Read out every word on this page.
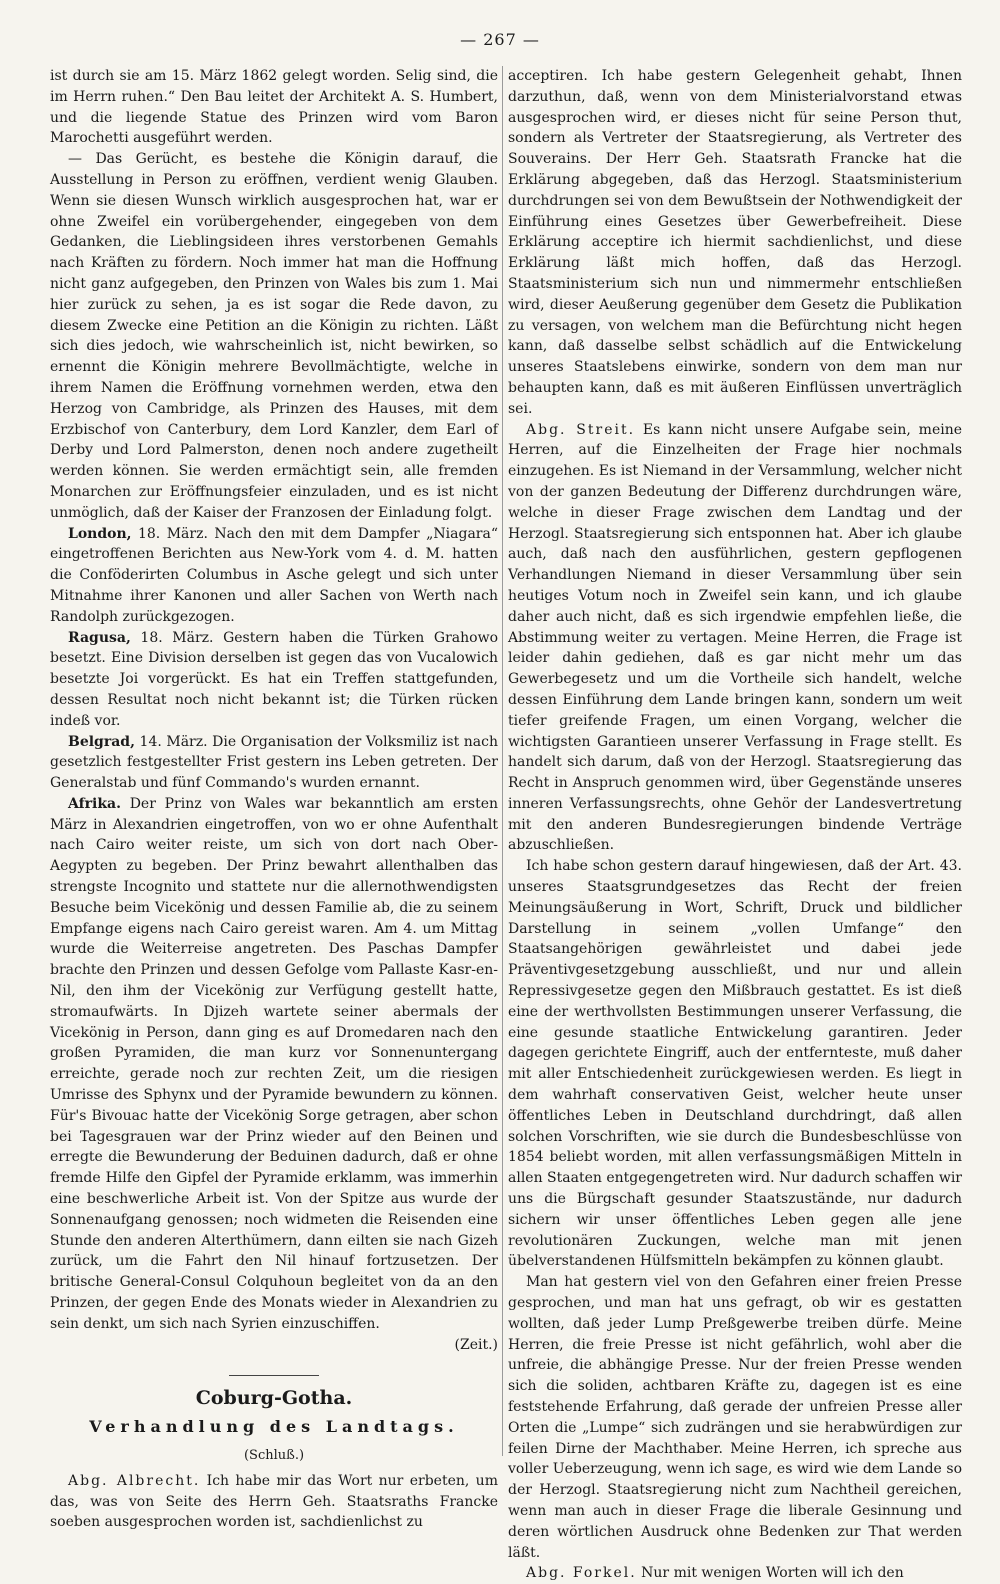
— 267 —

ist durch sie am 15. März 1862 gelegt worden. Selig sind, die im Herrn ruhen.“ Den Bau leitet der Architekt A. S. Humbert, und die liegende Statue des Prinzen wird vom Baron Marochetti ausgeführt werden.

— Das Gerücht, es bestehe die Königin darauf, die Ausstellung in Person zu eröffnen, verdient wenig Glauben. Wenn sie diesen Wunsch wirklich ausgesprochen hat, war er ohne Zweifel ein vorübergehender, eingegeben von dem Gedanken, die Lieblingsideen ihres verstorbenen Gemahls nach Kräften zu fördern. Noch immer hat man die Hoffnung nicht ganz aufgegeben, den Prinzen von Wales bis zum 1. Mai hier zurück zu sehen, ja es ist sogar die Rede davon, zu diesem Zwecke eine Petition an die Königin zu richten. Läßt sich dies jedoch, wie wahrscheinlich ist, nicht bewirken, so ernennt die Königin mehrere Bevollmächtigte, welche in ihrem Namen die Eröffnung vornehmen werden, etwa den Herzog von Cambridge, als Prinzen des Hauses, mit dem Erzbischof von Canterbury, dem Lord Kanzler, dem Earl of Derby und Lord Palmerston, denen noch andere zugetheilt werden können. Sie werden ermächtigt sein, alle fremden Monarchen zur Eröffnungsfeier einzuladen, und es ist nicht unmöglich, daß der Kaiser der Franzosen der Einladung folgt.

London, 18. März. Nach den mit dem Dampfer „Niagara“ eingetroffenen Berichten aus New-York vom 4. d. M. hatten die Conföderirten Columbus in Asche gelegt und sich unter Mitnahme ihrer Kanonen und aller Sachen von Werth nach Randolph zurückgezogen.

Ragusa, 18. März. Gestern haben die Türken Grahowo besetzt. Eine Division derselben ist gegen das von Vucalowich besetzte Joi vorgerückt. Es hat ein Treffen stattgefunden, dessen Resultat noch nicht bekannt ist; die Türken rücken indeß vor.

Belgrad, 14. März. Die Organisation der Volksmiliz ist nach gesetzlich festgestellter Frist gestern ins Leben getreten. Der Generalstab und fünf Commando's wurden ernannt.

Afrika. Der Prinz von Wales war bekanntlich am ersten März in Alexandrien eingetroffen, von wo er ohne Aufenthalt nach Cairo weiter reiste, um sich von dort nach Ober-Aegypten zu begeben. Der Prinz bewahrt allenthalben das strengste Incognito und stattete nur die allernothwendigsten Besuche beim Vicekönig und dessen Familie ab, die zu seinem Empfange eigens nach Cairo gereist waren. Am 4. um Mittag wurde die Weiterreise angetreten. Des Paschas Dampfer brachte den Prinzen und dessen Gefolge vom Pallaste Kasr-en-Nil, den ihm der Vicekönig zur Verfügung gestellt hatte, stromaufwärts. In Djizeh wartete seiner abermals der Vicekönig in Person, dann ging es auf Dromedaren nach den großen Pyramiden, die man kurz vor Sonnenuntergang erreichte, gerade noch zur rechten Zeit, um die riesigen Umrisse des Sphynx und der Pyramide bewundern zu können. Für's Bivouac hatte der Vicekönig Sorge getragen, aber schon bei Tagesgrauen war der Prinz wieder auf den Beinen und erregte die Bewunderung der Beduinen dadurch, daß er ohne fremde Hilfe den Gipfel der Pyramide erklamm, was immerhin eine beschwerliche Arbeit ist. Von der Spitze aus wurde der Sonnenaufgang genossen; noch widmeten die Reisenden eine Stunde den anderen Alterthümern, dann eilten sie nach Gizeh zurück, um die Fahrt den Nil hinauf fortzusetzen. Der britische General-Consul Colquhoun begleitet von da an den Prinzen, der gegen Ende des Monats wieder in Alexandrien zu sein denkt, um sich nach Syrien einzuschiffen.

(Zeit.)

Coburg-Gotha.
Verhandlung des Landtags.
(Schluß.)

Abg. Albrecht. Ich habe mir das Wort nur erbeten, um das, was von Seite des Herrn Geh. Staatsraths Francke soeben ausgesprochen worden ist, sachdienlichst zu

acceptiren. Ich habe gestern Gelegenheit gehabt, Ihnen darzuthun, daß, wenn von dem Ministerialvorstand etwas ausgesprochen wird, er dieses nicht für seine Person thut, sondern als Vertreter der Staatsregierung, als Vertreter des Souverains. Der Herr Geh. Staatsrath Francke hat die Erklärung abgegeben, daß das Herzogl. Staatsministerium durchdrungen sei von dem Bewußtsein der Nothwendigkeit der Einführung eines Gesetzes über Gewerbefreiheit. Diese Erklärung acceptire ich hiermit sachdienlichst, und diese Erklärung läßt mich hoffen, daß das Herzogl. Staatsministerium sich nun und nimmermehr entschließen wird, dieser Aeußerung gegenüber dem Gesetz die Publikation zu versagen, von welchem man die Befürchtung nicht hegen kann, daß dasselbe selbst schädlich auf die Entwickelung unseres Staatslebens einwirke, sondern von dem man nur behaupten kann, daß es mit äußeren Einflüssen unverträglich sei.

Abg. Streit. Es kann nicht unsere Aufgabe sein, meine Herren, auf die Einzelheiten der Frage hier nochmals einzugehen. Es ist Niemand in der Versammlung, welcher nicht von der ganzen Bedeutung der Differenz durchdrungen wäre, welche in dieser Frage zwischen dem Landtag und der Herzogl. Staatsregierung sich entsponnen hat. Aber ich glaube auch, daß nach den ausführlichen, gestern gepflogenen Verhandlungen Niemand in dieser Versammlung über sein heutiges Votum noch in Zweifel sein kann, und ich glaube daher auch nicht, daß es sich irgendwie empfehlen ließe, die Abstimmung weiter zu vertagen. Meine Herren, die Frage ist leider dahin gediehen, daß es gar nicht mehr um das Gewerbegesetz und um die Vortheile sich handelt, welche dessen Einführung dem Lande bringen kann, sondern um weit tiefer greifende Fragen, um einen Vorgang, welcher die wichtigsten Garantieen unserer Verfassung in Frage stellt. Es handelt sich darum, daß von der Herzogl. Staatsregierung das Recht in Anspruch genommen wird, über Gegenstände unseres inneren Verfassungsrechts, ohne Gehör der Landesvertretung mit den anderen Bundesregierungen bindende Verträge abzuschließen.

Ich habe schon gestern darauf hingewiesen, daß der Art. 43. unseres Staatsgrundgesetzes das Recht der freien Meinungsäußerung in Wort, Schrift, Druck und bildlicher Darstellung in seinem „vollen Umfange“ den Staatsangehörigen gewährleistet und dabei jede Präventivgesetzgebung ausschließt, und nur und allein Repressivgesetze gegen den Mißbrauch gestattet. Es ist dieß eine der werthvollsten Bestimmungen unserer Verfassung, die eine gesunde staatliche Entwickelung garantiren. Jeder dagegen gerichtete Eingriff, auch der entfernteste, muß daher mit aller Entschiedenheit zurückgewiesen werden. Es liegt in dem wahrhaft conservativen Geist, welcher heute unser öffentliches Leben in Deutschland durchdringt, daß allen solchen Vorschriften, wie sie durch die Bundesbeschlüsse von 1854 beliebt worden, mit allen verfassungsmäßigen Mitteln in allen Staaten entgegengetreten wird. Nur dadurch schaffen wir uns die Bürgschaft gesunder Staatszustände, nur dadurch sichern wir unser öffentliches Leben gegen alle jene revolutionären Zuckungen, welche man mit jenen übelverstandenen Hülfsmitteln bekämpfen zu können glaubt.

Man hat gestern viel von den Gefahren einer freien Presse gesprochen, und man hat uns gefragt, ob wir es gestatten wollten, daß jeder Lump Preßgewerbe treiben dürfe. Meine Herren, die freie Presse ist nicht gefährlich, wohl aber die unfreie, die abhängige Presse. Nur der freien Presse wenden sich die soliden, achtbaren Kräfte zu, dagegen ist es eine feststehende Erfahrung, daß gerade der unfreien Presse aller Orten die „Lumpe“ sich zudrängen und sie herabwürdigen zur feilen Dirne der Machthaber. Meine Herren, ich spreche aus voller Ueberzeugung, wenn ich sage, es wird wie dem Lande so der Herzogl. Staatsregierung nicht zum Nachtheil gereichen, wenn man auch in dieser Frage die liberale Gesinnung und deren wörtlichen Ausdruck ohne Bedenken zur That werden läßt.

Abg. Forkel. Nur mit wenigen Worten will ich den
